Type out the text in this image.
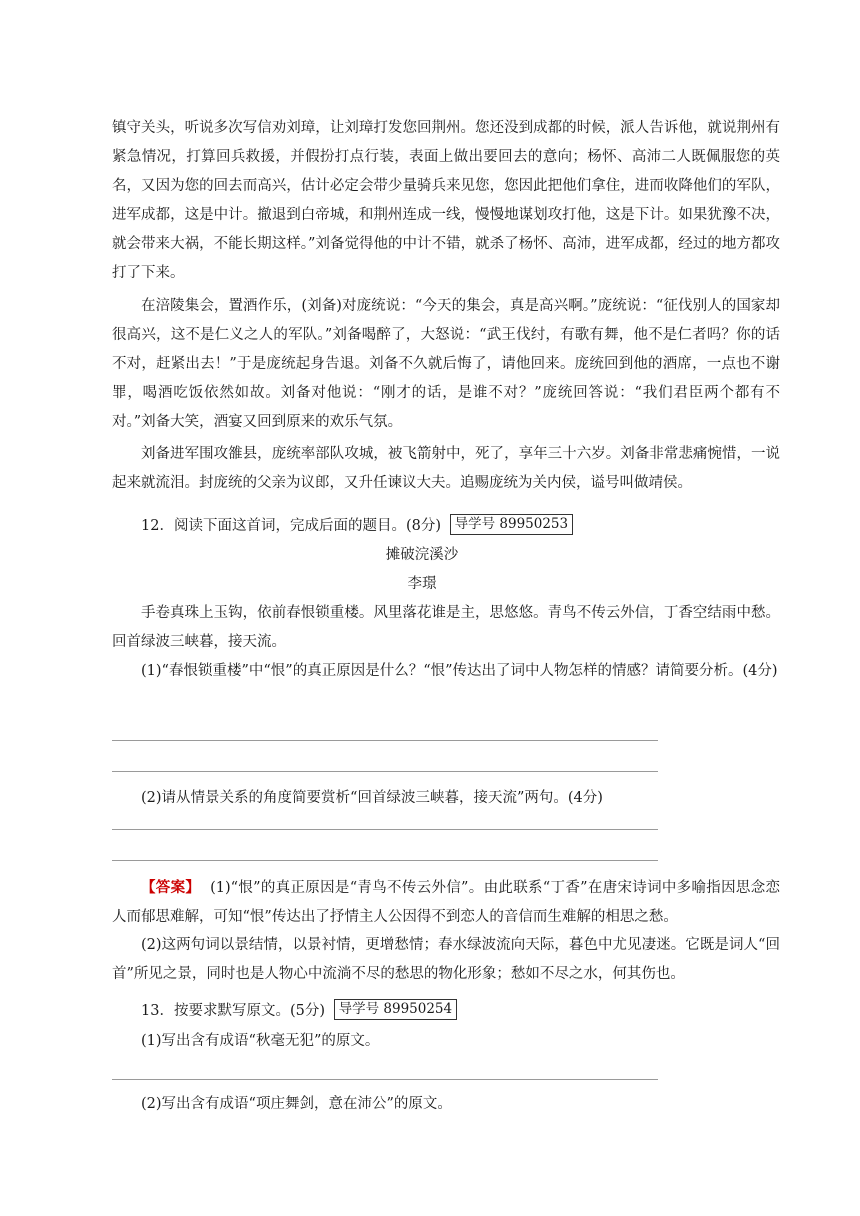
镇守关头，听说多次写信劝刘璋，让刘璋打发您回荆州。您还没到成都的时候，派人告诉他，就说荆州有紧急情况，打算回兵救援，并假扮打点行装，表面上做出要回去的意向；杨怀、高沛二人既佩服您的英名，又因为您的回去而高兴，估计必定会带少量骑兵来见您，您因此把他们拿住，进而收降他们的军队，进军成都，这是中计。撤退到白帝城，和荆州连成一线，慢慢地谋划攻打他，这是下计。如果犹豫不决，就会带来大祸，不能长期这样。”刘备觉得他的中计不错，就杀了杨怀、高沛，进军成都，经过的地方都攻打了下来。

在涪陵集会，置酒作乐，(刘备)对庞统说：“今天的集会，真是高兴啊。”庞统说：“征伐别人的国家却很高兴，这不是仁义之人的军队。”刘备喝醉了，大怒说：“武王伐纣，有歌有舞，他不是仁者吗？你的话不对，赶紧出去！”于是庞统起身告退。刘备不久就后悔了，请他回来。庞统回到他的酒席，一点也不谢罪，喝酒吃饭依然如故。刘备对他说：“刚才的话，是谁不对？”庞统回答说：“我们君臣两个都有不对。”刘备大笑，酒宴又回到原来的欢乐气氛。

刘备进军围攻雒县，庞统率部队攻城，被飞箭射中，死了，享年三十六岁。刘备非常悲痛惋惜，一说起来就流泪。封庞统的父亲为议郎，又升任谏议大夫。追赐庞统为关内侯，谥号叫做靖侯。

12．阅读下面这首词，完成后面的题目。(8分) 导学号 89950253

摊破浣溪沙

李璟

手卷真珠上玉钩，依前春恨锁重楼。风里落花谁是主，思悠悠。青鸟不传云外信，丁香空结雨中愁。回首绿波三峡暮，接天流。

(1)“春恨锁重楼”中“恨”的真正原因是什么？“恨”传达出了词中人物怎样的情感？请简要分析。(4分)

(2)请从情景关系的角度简要赏析“回首绿波三峡暮，接天流”两句。(4分)

【答案】 (1)“恨”的真正原因是“青鸟不传云外信”。由此联系“丁香”在唐宋诗词中多喻指因思念恋人而郁思难解，可知“恨”传达出了抒情主人公因得不到恋人的音信而生难解的相思之愁。

(2)这两句词以景结情，以景衬情，更增愁情；春水绿波流向天际，暮色中尤见凄迷。它既是词人“回首”所见之景，同时也是人物心中流淌不尽的愁思的物化形象；愁如不尽之水，何其伤也。

13．按要求默写原文。(5分) 导学号 89950254

(1)写出含有成语“秋毫无犯”的原文。

(2)写出含有成语“项庄舞剑，意在沛公”的原文。
